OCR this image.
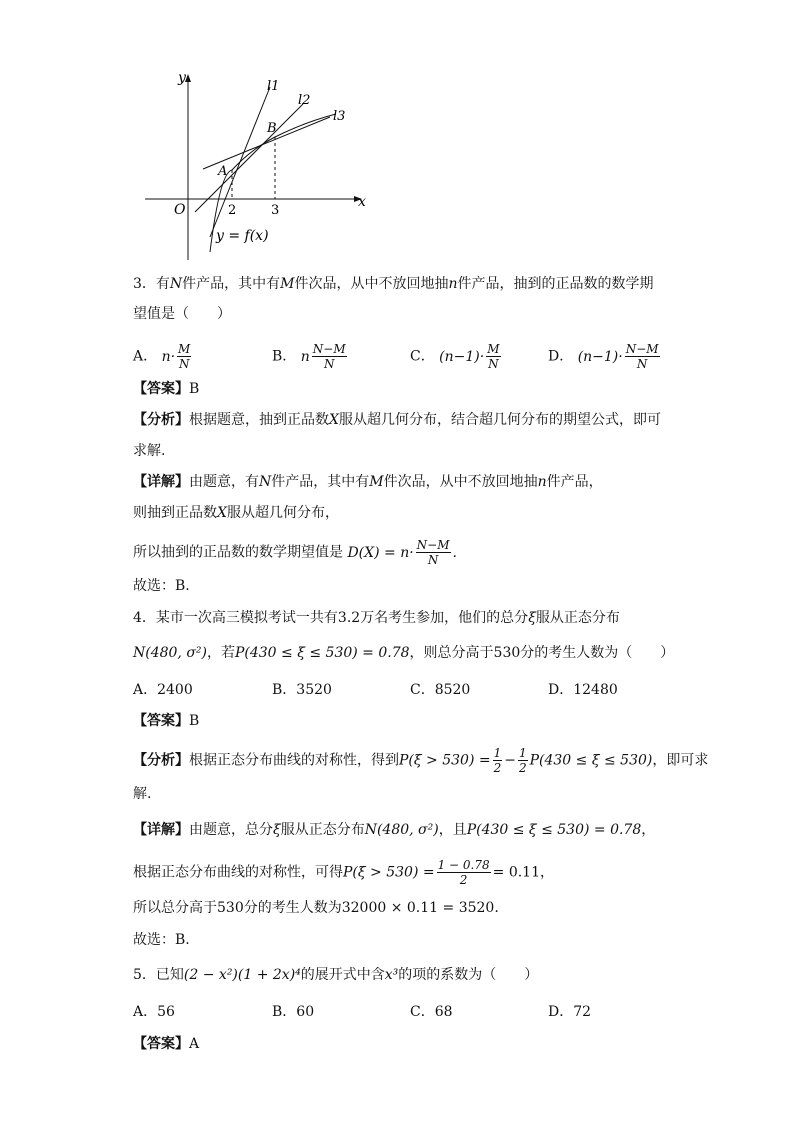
y
x
O
l1
l2
l3
A
B
2	3
y = f(x)
3．有N件产品，其中有M件次品，从中不放回地抽n件产品，抽到的正品数的数学期
望值是（　　）
A． $n\cdot \frac{M}{N}$	B． n $\frac{N-M}{N}$	C． $(n-1)\cdot \frac{M}{N}$	D． $(n-1)\cdot \frac{N-M}{N}$
【答案】B
【分析】根据题意，抽到正品数X服从超几何分布，结合超几何分布的期望公式，即可
求解.
【详解】由题意，有N件产品，其中有M件次品，从中不放回地抽n件产品，
则抽到正品数X服从超几何分布，
所以抽到的正品数的数学期望值是 $D(X) = n\cdot \frac{N-M}{N}$ .
故选：B.
4．某市一次高三模拟考试一共有3.2万名考生参加，他们的总分ξ服从正态分布
N(480, σ²)，若P(430 ≤ ξ ≤ 530) = 0.78，则总分高于530分的考生人数为（　　）
A．2400	B．3520	C．8520	D．12480
【答案】B
【分析】根据正态分布曲线的对称性，得到$P(\xi > 530) = \frac{1}{2} - \frac{1}{2} P(430 \le \xi \le 530)$，即可求
解.
【详解】由题意，总分ξ服从正态分布N(480, σ²)，且P(430 ≤ ξ ≤ 530) = 0.78，
根据正态分布曲线的对称性，可得$P(\xi > 530) = \frac{1 - 0.78}{2} = 0.11$，
所以总分高于530分的考生人数为32000 × 0.11 = 3520.
故选：B.
5．已知(2 − x²)(1 + 2x)⁴的展开式中含x³的项的系数为（　　）
A．56	B．60	C．68	D．72
【答案】A
